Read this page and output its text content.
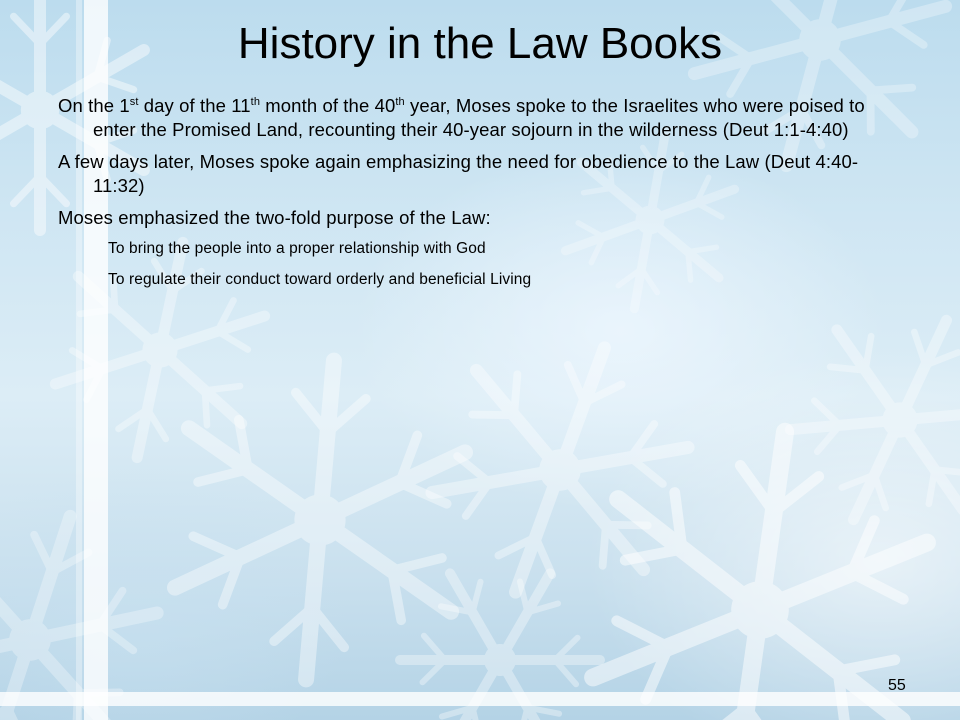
History in the Law Books

On the 1st day of the 11th month of the 40th year, Moses spoke to the Israelites who were poised to enter the Promised Land, recounting their 40-year sojourn in the wilderness (Deut 1:1-4:40)

A few days later, Moses spoke again emphasizing the need for obedience to the Law (Deut 4:40-11:32)

Moses emphasized the two-fold purpose of the Law:

To bring the people into a proper relationship with God

To regulate their conduct toward orderly and beneficial Living

55
